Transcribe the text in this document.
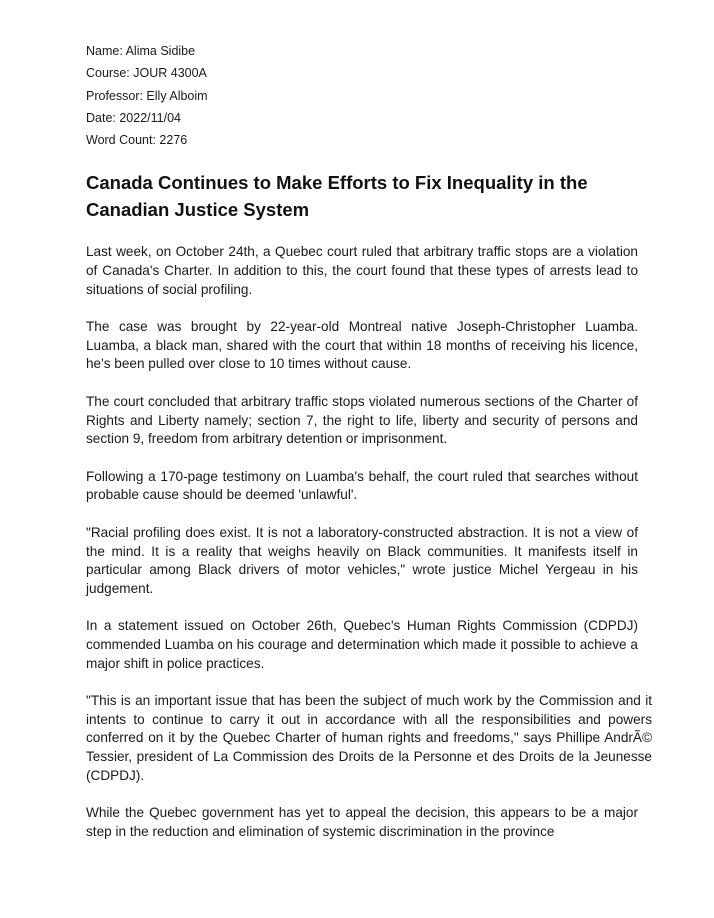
Name: Alima Sidibe

Course: JOUR 4300A

Professor: Elly Alboim

Date: 2022/11/04

Word Count: 2276

Canada Continues to Make Efforts to Fix Inequality in the Canadian Justice System

Last week, on October 24th, a Quebec court ruled that arbitrary traffic stops are a violation of Canada's Charter. In addition to this, the court found that these types of arrests lead to situations of social profiling.

The case was brought by 22-year-old Montreal native Joseph-Christopher Luamba. Luamba, a black man, shared with the court that within 18 months of receiving his licence, he's been pulled over close to 10 times without cause.

The court concluded that arbitrary traffic stops violated numerous sections of the Charter of Rights and Liberty namely; section 7, the right to life, liberty and security of persons and section 9, freedom from arbitrary detention or imprisonment.

Following a 170-page testimony on Luamba's behalf, the court ruled that searches without probable cause should be deemed 'unlawful'.

"Racial profiling does exist. It is not a laboratory-constructed abstraction. It is not a view of the mind. It is a reality that weighs heavily on Black communities. It manifests itself in particular among Black drivers of motor vehicles," wrote justice Michel Yergeau in his judgement.

In a statement issued on October 26th, Quebec's Human Rights Commission (CDPDJ) commended Luamba on his courage and determination which made it possible to achieve a major shift in police practices.

"This is an important issue that has been the subject of much work by the Commission and it intents to continue to carry it out in accordance with all the responsibilities and powers conferred on it by the Quebec Charter of human rights and freedoms," says Phillipe AndrÃ© Tessier, president of La Commission des Droits de la Personne et des Droits de la Jeunesse (CDPDJ).

While the Quebec government has yet to appeal the decision, this appears to be a major step in the reduction and elimination of systemic discrimination in the province
